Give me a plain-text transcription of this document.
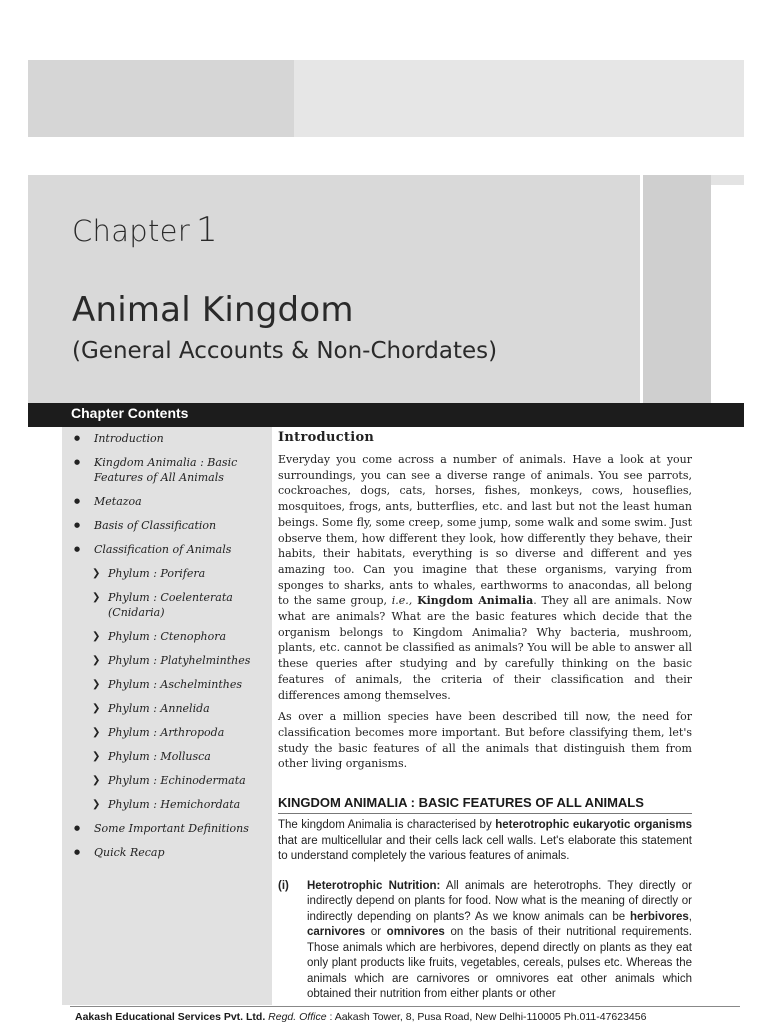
Chapter 1
Animal Kingdom
(General Accounts & Non-Chordates)
Chapter Contents
● Introduction
● Kingdom Animalia : Basic Features of All Animals
● Metazoa
● Basis of Classification
● Classification of Animals
❯ Phylum : Porifera
❯ Phylum : Coelenterata (Cnidaria)
❯ Phylum : Ctenophora
❯ Phylum : Platyhelminthes
❯ Phylum : Aschelminthes
❯ Phylum : Annelida
❯ Phylum : Arthropoda
❯ Phylum : Mollusca
❯ Phylum : Echinodermata
❯ Phylum : Hemichordata
● Some Important Definitions
● Quick Recap
Introduction

Everyday you come across a number of animals. Have a look at your surroundings, you can see a diverse range of animals. You see parrots, cockroaches, dogs, cats, horses, fishes, monkeys, cows, houseflies, mosquitoes, frogs, ants, butterflies, etc. and last but not the least human beings. Some fly, some creep, some jump, some walk and some swim. Just observe them, how different they look, how differently they behave, their habits, their habitats, everything is so diverse and different and yes amazing too. Can you imagine that these organisms, varying from sponges to sharks, ants to whales, earthworms to anacondas, all belong to the same group, i.e., Kingdom Animalia. They all are animals. Now what are animals? What are the basic features which decide that the organism belongs to Kingdom Animalia? Why bacteria, mushroom, plants, etc. cannot be classified as animals? You will be able to answer all these queries after studying and by carefully thinking on the basic features of animals, the criteria of their classification and their differences among themselves.

As over a million species have been described till now, the need for classification becomes more important. But before classifying them, let's study the basic features of all the animals that distinguish them from other living organisms.

KINGDOM ANIMALIA : BASIC FEATURES OF ALL ANIMALS

The kingdom Animalia is characterised by heterotrophic eukaryotic organisms that are multicellular and their cells lack cell walls. Let's elaborate this statement to understand completely the various features of animals.

(i) Heterotrophic Nutrition: All animals are heterotrophs. They directly or indirectly depend on plants for food. Now what is the meaning of directly or indirectly depending on plants? As we know animals can be herbivores, carnivores or omnivores on the basis of their nutritional requirements. Those animals which are herbivores, depend directly on plants as they eat only plant products like fruits, vegetables, cereals, pulses etc. Whereas the animals which are carnivores or omnivores eat other animals which obtained their nutrition from either plants or other
Aakash Educational Services Pvt. Ltd. Regd. Office : Aakash Tower, 8, Pusa Road, New Delhi-110005 Ph.011-47623456
